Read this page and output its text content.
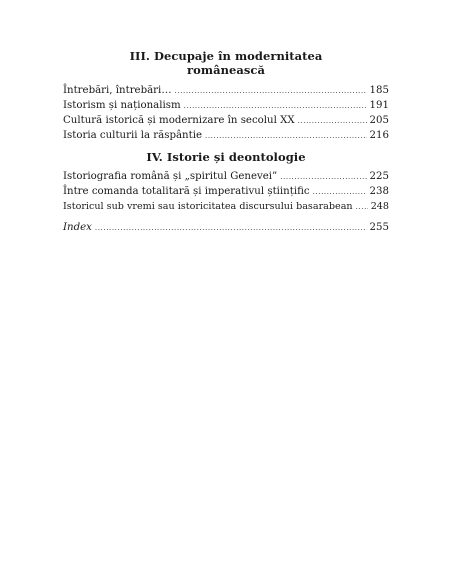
III. Decupaje în modernitatea
românească
Întrebări, întrebări… .....	185
Istorism și naționalism .....	191
Cultură istorică și modernizare în secolul XX .....	205
Istoria culturii la răspântie .....	216
IV. Istorie și deontologie
Istoriografia română și „spiritul Genevei” .....	225
Între comanda totalitară și imperativul științific .....	238
Istoricul sub vremi sau istoricitatea discursului basarabean ..... 248
Index .....	255
